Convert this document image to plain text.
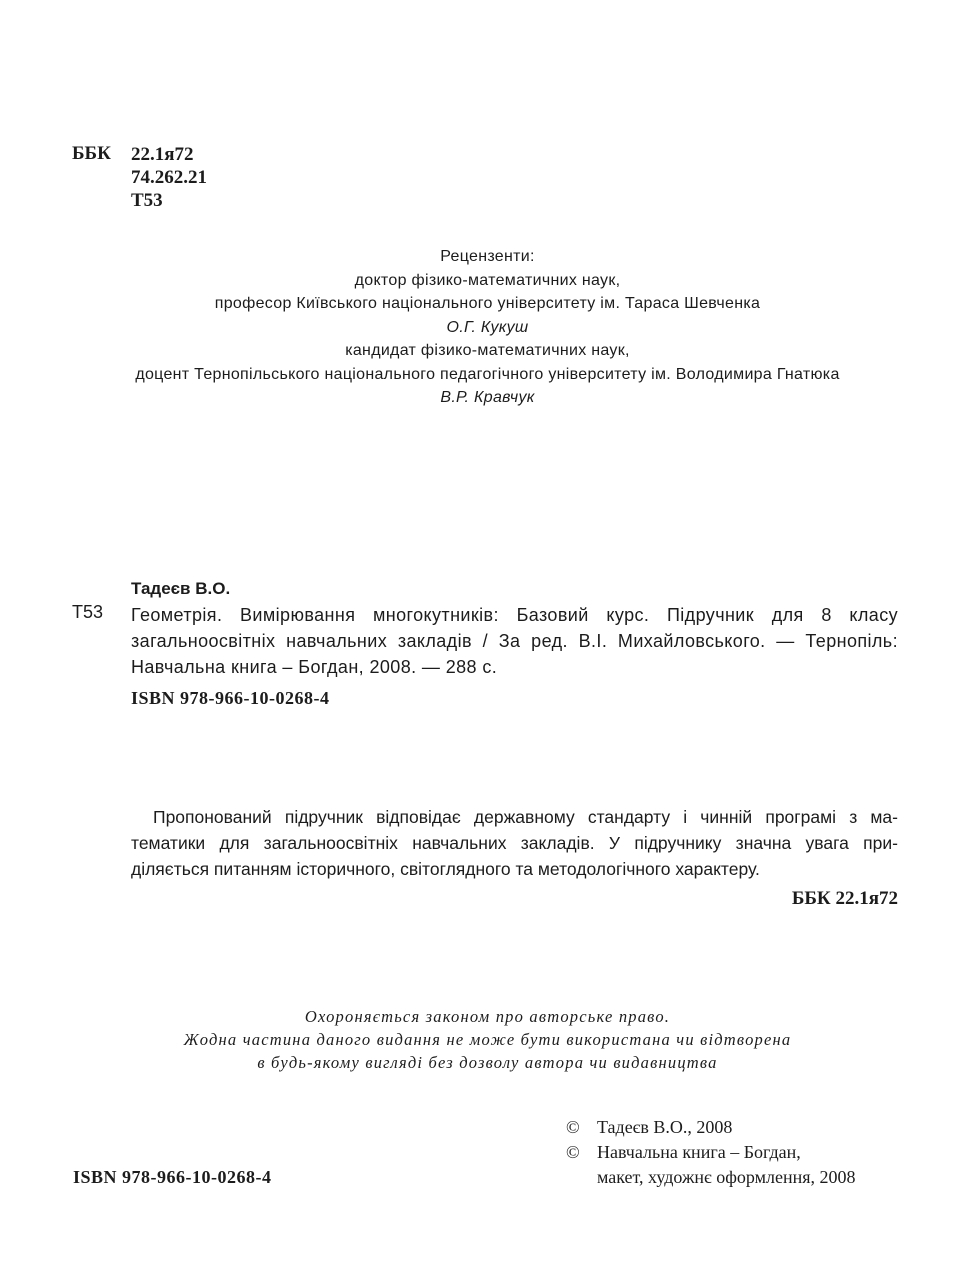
ББК 22.1я72
74.262.21
Т53
Рецензенти:
доктор фізико-математичних наук,
професор Київського національного університету ім. Тараса Шевченка
О.Г. Кукуш
кандидат фізико-математичних наук,
доцент Тернопільського національного педагогічного університету ім. Володимира Гнатюка
В.Р. Кравчук
Тадеєв В.О.
Т53 Геометрія. Вимірювання многокутників: Базовий курс. Підручник для 8 класу
загальноосвітніх навчальних закладів / За ред. В.І. Михайловського. — Тернопіль:
Навчальна книга – Богдан, 2008. — 288 с.
ISBN 978-966-10-0268-4
Пропонований підручник відповідає державному стандарту і чинній програмі з ма-
тематики для загальноосвітніх навчальних закладів. У підручнику значна увага при-
діляється питанням історичного, світоглядного та методологічного характеру.
ББК 22.1я72
Охороняється законом про авторське право.
Жодна частина даного видання не може бути використана чи відтворена
в будь-якому вигляді без дозволу автора чи видавництва
ISBN 978-966-10-0268-4
© Тадеєв В.О., 2008
© Навчальна книга – Богдан,
макет, художнє оформлення, 2008
